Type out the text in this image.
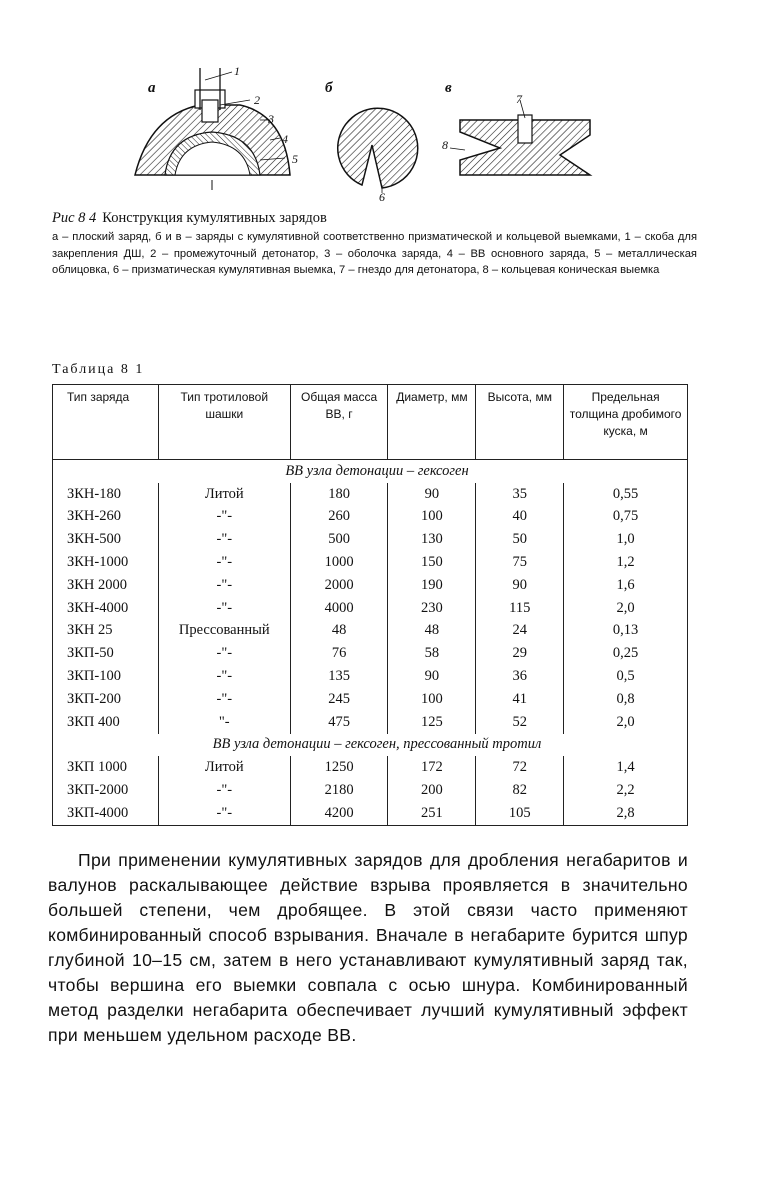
а	б	в
1
2
3
4
5
6
7
8
Рис 8 4 Конструкция кумулятивных зарядов
а – плоский заряд, б и в – заряды с кумулятивной соответственно призматической и кольцевой выемками, 1 – скоба для закрепления ДШ, 2 – промежуточный детонатор, 3 – оболочка заряда, 4 – ВВ основного заряда, 5 – металлическая облицовка, 6 – призматическая кумулятивная выемка, 7 – гнездо для детонатора, 8 – кольцевая коническая выемка
Таблица 8 1
Тип заряда	Тип тротиловой шашки	Общая масса ВВ, г	Диаметр, мм	Высота, мм	Предельная толщина дробимого куска, м
ВВ узла детонации – гексоген					
ЗКН-180	Литой	180	90	35	0,55
ЗКН-260	-"-	260	100	40	0,75
ЗКН-500	-"-	500	130	50	1,0
ЗКН-1000	-"-	1000	150	75	1,2
ЗКН 2000	-"-	2000	190	90	1,6
ЗКН-4000	-"-	4000	230	115	2,0
ЗКН 25	Прессованный	48	48	24	0,13
ЗКП-50	-"-	76	58	29	0,25
ЗКП-100	-"-	135	90	36	0,5
ЗКП-200	-"-	245	100	41	0,8
ЗКП 400	"-	475	125	52	2,0
ВВ узла детонации – гексоген, прессованный тротил					
ЗКП 1000	Литой	1250	172	72	1,4
ЗКП-2000	-"-	2180	200	82	2,2
ЗКП-4000	-"-	4200	251	105	2,8

При применении кумулятивных зарядов для дробления негабаритов и валунов раскалывающее действие взрыва проявляется в значительно большей степени, чем дробящее. В этой связи часто применяют комбинированный способ взрывания. Вначале в негабарите бурится шпур глубиной 10–15 см, затем в него устанавливают кумулятивный заряд так, чтобы вершина его выемки совпала с осью шнура. Комбинированный метод разделки негабарита обеспечивает лучший кумулятивный эффект при меньшем удельном расходе ВВ.
